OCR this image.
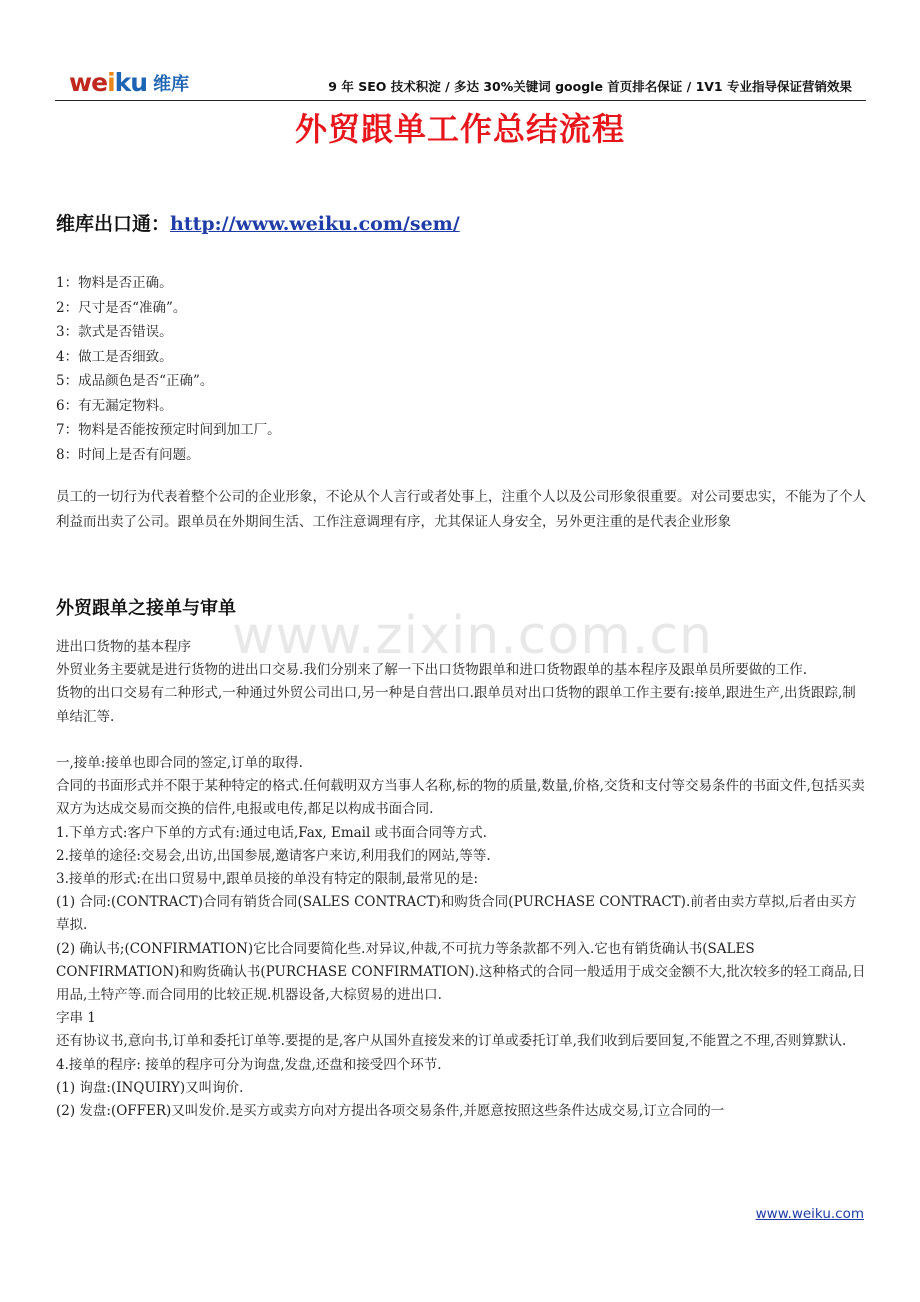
weiku 维库	9 年 SEO 技术积淀 / 多达 30%关键词 google 首页排名保证 / 1V1 专业指导保证营销效果
外贸跟单工作总结流程
维库出口通：http://www.weiku.com/sem/
1：物料是否正确。
2：尺寸是否“准确”。
3：款式是否错误。
4：做工是否细致。
5：成品颜色是否“正确”。
6：有无漏定物料。
7：物料是否能按预定时间到加工厂。
8：时间上是否有问题。

员工的一切行为代表着整个公司的企业形象，不论从个人言行或者处事上，注重个人以及公司形象很重要。对公司要忠实，不能为了个人利益而出卖了公司。跟单员在外期间生活、工作注意调理有序，尤其保证人身安全，另外更注重的是代表企业形象

外贸跟单之接单与审单
www.zixin.com.cn

进出口货物的基本程序

外贸业务主要就是进行货物的进出口交易.我们分别来了解一下出口货物跟单和进口货物跟单的基本程序及跟单员所要做的工作.

货物的出口交易有二种形式,一种通过外贸公司出口,另一种是自营出口.跟单员对出口货物的跟单工作主要有:接单,跟进生产,出货跟踪,制单结汇等.

一,接单:接单也即合同的签定,订单的取得.

合同的书面形式并不限于某种特定的格式.任何载明双方当事人名称,标的物的质量,数量,价格,交货和支付等交易条件的书面文件,包括买卖双方为达成交易而交换的信件,电报或电传,都足以构成书面合同.

1.下单方式:客户下单的方式有:通过电话,Fax, Email 或书面合同等方式.

2.接单的途径:交易会,出访,出国参展,邀请客户来访,利用我们的网站,等等.

3.接单的形式:在出口贸易中,跟单员接的单没有特定的限制,最常见的是:

(1) 合同:(CONTRACT)合同有销货合同(SALES CONTRACT)和购货合同(PURCHASE CONTRACT).前者由卖方草拟,后者由买方草拟.

(2) 确认书;(CONFIRMATION)它比合同要简化些.对异议,仲裁,不可抗力等条款都不列入.它也有销货确认书(SALES CONFIRMATION)和购货确认书(PURCHASE CONFIRMATION).这种格式的合同一般适用于成交金额不大,批次较多的轻工商品,日用品,土特产等.而合同用的比较正规.机器设备,大棕贸易的进出口.

字串 1

还有协议书,意向书,订单和委托订单等.要提的是,客户从国外直接发来的订单或委托订单,我们收到后要回复,不能置之不理,否则算默认.

4.接单的程序: 接单的程序可分为询盘,发盘,还盘和接受四个环节.

(1) 询盘:(INQUIRY)又叫询价.

(2) 发盘:(OFFER)又叫发价.是买方或卖方向对方提出各项交易条件,并愿意按照这些条件达成交易,订立合同的一

www.weiku.com
